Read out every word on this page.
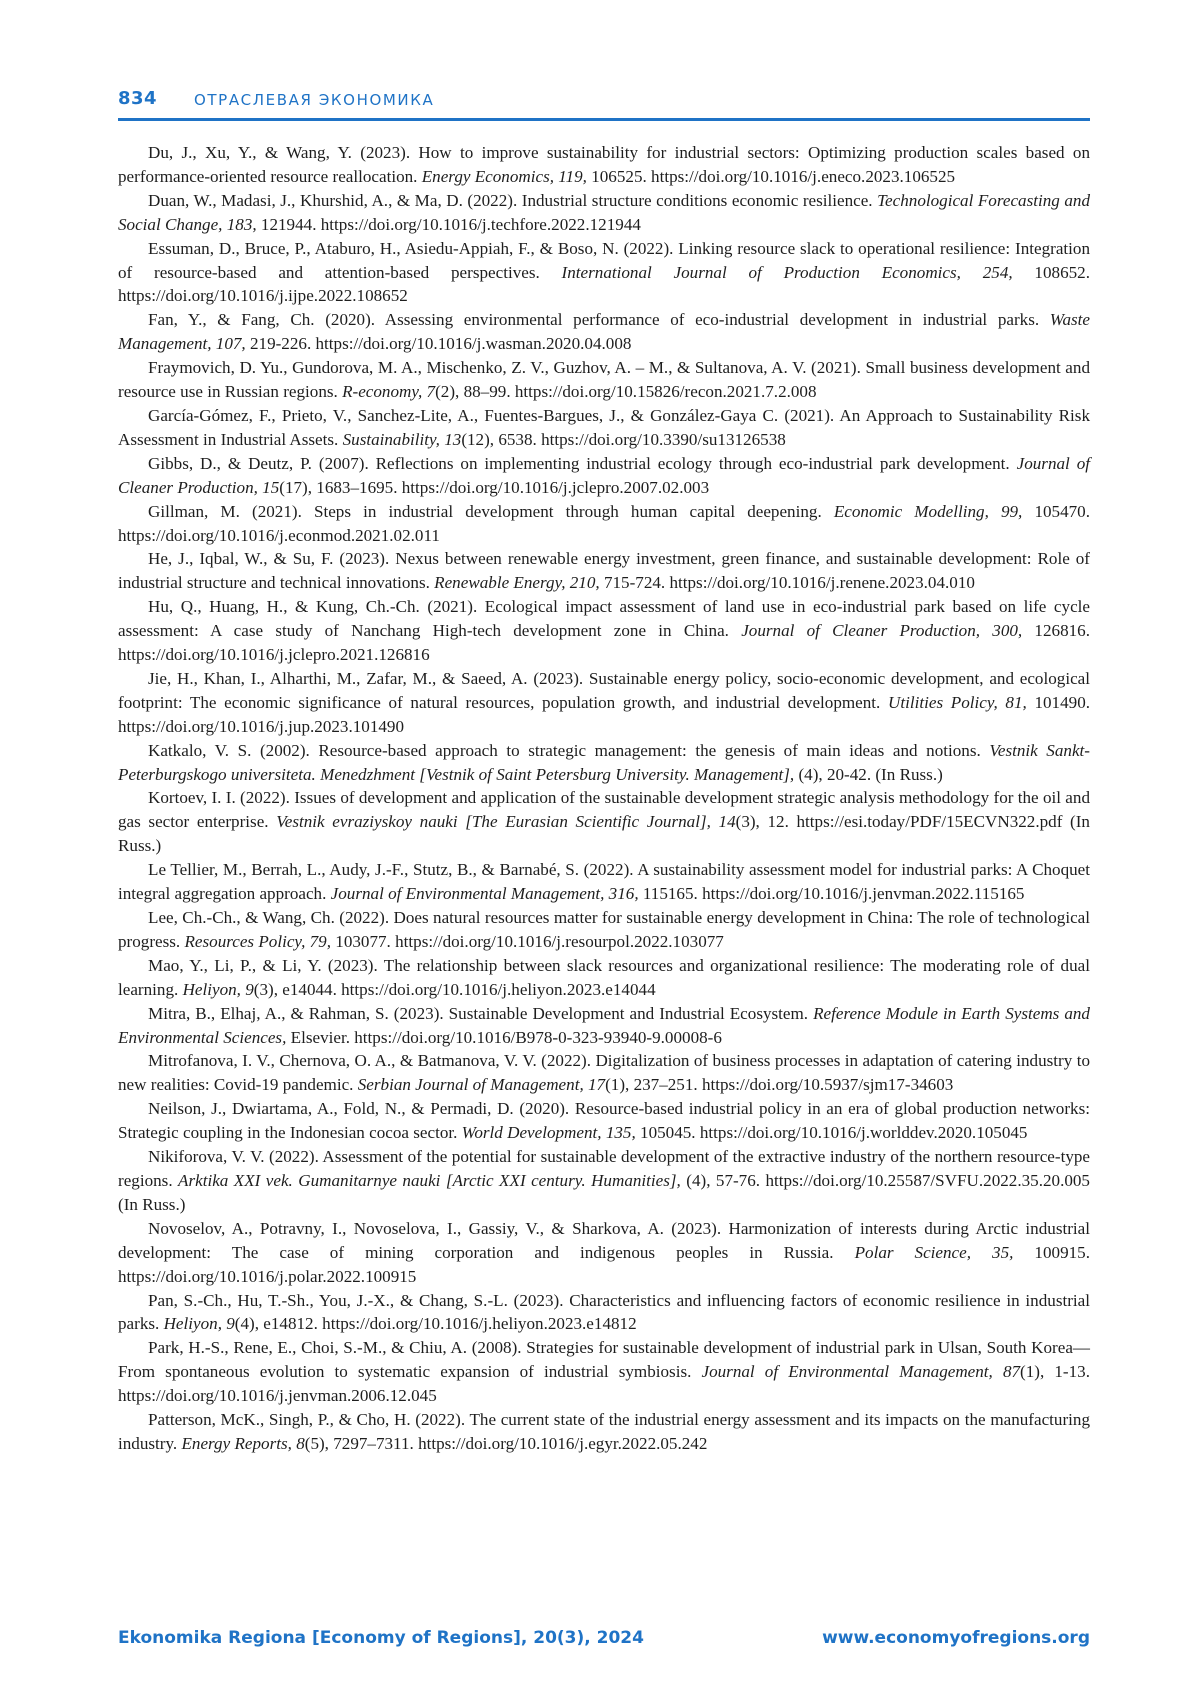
834 ОТРАСЛЕВАЯ ЭКОНОМИКА

Du, J., Xu, Y., & Wang, Y. (2023). How to improve sustainability for industrial sectors: Optimizing production scales based on performance-oriented resource reallocation. Energy Economics, 119, 106525. https://doi.org/10.1016/j.eneco.2023.106525

Duan, W., Madasi, J., Khurshid, A., & Ma, D. (2022). Industrial structure conditions economic resilience. Technological Forecasting and Social Change, 183, 121944. https://doi.org/10.1016/j.techfore.2022.121944

Essuman, D., Bruce, P., Ataburo, H., Asiedu-Appiah, F., & Boso, N. (2022). Linking resource slack to operational resilience: Integration of resource-based and attention-based perspectives. International Journal of Production Economics, 254, 108652. https://doi.org/10.1016/j.ijpe.2022.108652

Fan, Y., & Fang, Ch. (2020). Assessing environmental performance of eco-industrial development in industrial parks. Waste Management, 107, 219-226. https://doi.org/10.1016/j.wasman.2020.04.008

Fraymovich, D. Yu., Gundorova, M. A., Mischenko, Z. V., Guzhov, A. – M., & Sultanova, A. V. (2021). Small business development and resource use in Russian regions. R-economy, 7(2), 88–99. https://doi.org/10.15826/recon.2021.7.2.008

García-Gómez, F., Prieto, V., Sanchez-Lite, A., Fuentes-Bargues, J., & González-Gaya C. (2021). An Approach to Sustainability Risk Assessment in Industrial Assets. Sustainability, 13(12), 6538. https://doi.org/10.3390/su13126538

Gibbs, D., & Deutz, P. (2007). Reflections on implementing industrial ecology through eco-industrial park development. Journal of Cleaner Production, 15(17), 1683–1695. https://doi.org/10.1016/j.jclepro.2007.02.003

Gillman, M. (2021). Steps in industrial development through human capital deepening. Economic Modelling, 99, 105470. https://doi.org/10.1016/j.econmod.2021.02.011

He, J., Iqbal, W., & Su, F. (2023). Nexus between renewable energy investment, green finance, and sustainable development: Role of industrial structure and technical innovations. Renewable Energy, 210, 715-724. https://doi.org/10.1016/j.renene.2023.04.010

Hu, Q., Huang, H., & Kung, Ch.-Ch. (2021). Ecological impact assessment of land use in eco-industrial park based on life cycle assessment: A case study of Nanchang High-tech development zone in China. Journal of Cleaner Production, 300, 126816. https://doi.org/10.1016/j.jclepro.2021.126816

Jie, H., Khan, I., Alharthi, M., Zafar, M., & Saeed, A. (2023). Sustainable energy policy, socio-economic development, and ecological footprint: The economic significance of natural resources, population growth, and industrial development. Utilities Policy, 81, 101490. https://doi.org/10.1016/j.jup.2023.101490

Katkalo, V. S. (2002). Resource-based approach to strategic management: the genesis of main ideas and notions. Vestnik Sankt-Peterburgskogo universiteta. Menedzhment [Vestnik of Saint Petersburg University. Management], (4), 20-42. (In Russ.)

Kortoev, I. I. (2022). Issues of development and application of the sustainable development strategic analysis methodology for the oil and gas sector enterprise. Vestnik evraziyskoy nauki [The Eurasian Scientific Journal], 14(3), 12. https://esi.today/PDF/15ECVN322.pdf (In Russ.)

Le Tellier, M., Berrah, L., Audy, J.-F., Stutz, B., & Barnabé, S. (2022). A sustainability assessment model for industrial parks: A Choquet integral aggregation approach. Journal of Environmental Management, 316, 115165. https://doi.org/10.1016/j.jenvman.2022.115165

Lee, Ch.-Ch., & Wang, Ch. (2022). Does natural resources matter for sustainable energy development in China: The role of technological progress. Resources Policy, 79, 103077. https://doi.org/10.1016/j.resourpol.2022.103077

Mao, Y., Li, P., & Li, Y. (2023). The relationship between slack resources and organizational resilience: The moderating role of dual learning. Heliyon, 9(3), e14044. https://doi.org/10.1016/j.heliyon.2023.e14044

Mitra, B., Elhaj, A., & Rahman, S. (2023). Sustainable Development and Industrial Ecosystem. Reference Module in Earth Systems and Environmental Sciences, Elsevier. https://doi.org/10.1016/B978-0-323-93940-9.00008-6

Mitrofanova, I. V., Chernova, O. A., & Batmanova, V. V. (2022). Digitalization of business processes in adaptation of catering industry to new realities: Covid-19 pandemic. Serbian Journal of Management, 17(1), 237–251. https://doi.org/10.5937/sjm17-34603

Neilson, J., Dwiartama, A., Fold, N., & Permadi, D. (2020). Resource-based industrial policy in an era of global production networks: Strategic coupling in the Indonesian cocoa sector. World Development, 135, 105045. https://doi.org/10.1016/j.worlddev.2020.105045

Nikiforova, V. V. (2022). Assessment of the potential for sustainable development of the extractive industry of the northern resource-type regions. Arktika XXI vek. Gumanitarnye nauki [Arctic XXI century. Humanities], (4), 57-76. https://doi.org/10.25587/SVFU.2022.35.20.005 (In Russ.)

Novoselov, A., Potravny, I., Novoselova, I., Gassiy, V., & Sharkova, A. (2023). Harmonization of interests during Arctic industrial development: The case of mining corporation and indigenous peoples in Russia. Polar Science, 35, 100915. https://doi.org/10.1016/j.polar.2022.100915

Pan, S.-Ch., Hu, T.-Sh., You, J.-X., & Chang, S.-L. (2023). Characteristics and influencing factors of economic resilience in industrial parks. Heliyon, 9(4), e14812. https://doi.org/10.1016/j.heliyon.2023.e14812

Park, H.-S., Rene, E., Choi, S.-M., & Chiu, A. (2008). Strategies for sustainable development of industrial park in Ulsan, South Korea—From spontaneous evolution to systematic expansion of industrial symbiosis. Journal of Environmental Management, 87(1), 1-13. https://doi.org/10.1016/j.jenvman.2006.12.045

Patterson, McK., Singh, P., & Cho, H. (2022). The current state of the industrial energy assessment and its impacts on the manufacturing industry. Energy Reports, 8(5), 7297–7311. https://doi.org/10.1016/j.egyr.2022.05.242

Ekonomika Regiona [Economy of Regions], 20(3), 2024	www.economyofregions.org
